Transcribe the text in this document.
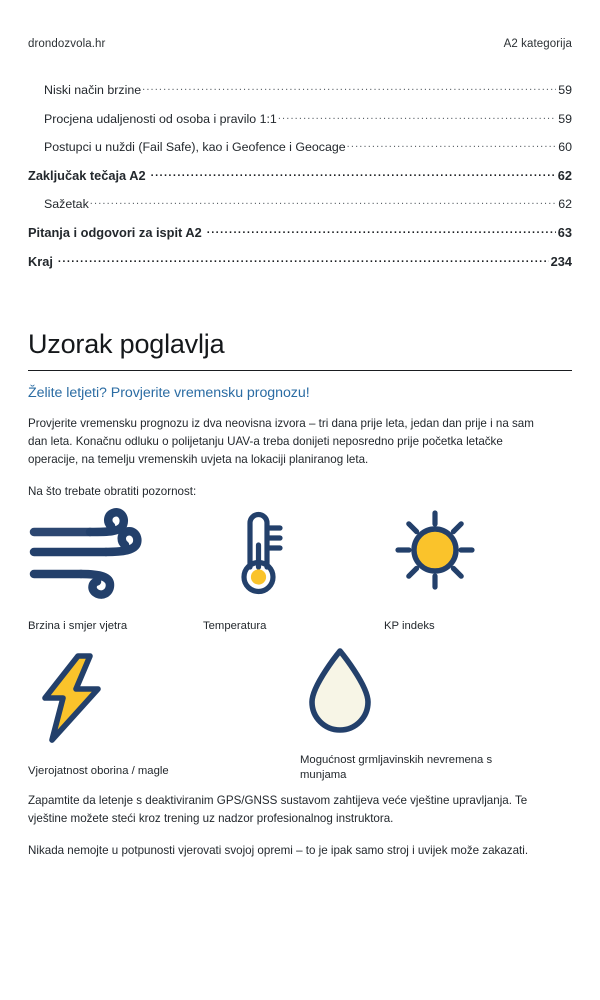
drondozvola.hr	A2 kategorija
Niski način brzine .....	59
Procjena udaljenosti od osoba i pravilo 1:1 .....	59
Postupci u nuždi (Fail Safe), kao i Geofence i Geocage .....	60
Zaključak tečaja A2 .....	62
Sažetak .....	62
Pitanja i odgovori za ispit A2 .....	63
Kraj .....	234
Uzorak poglavlja
Želite letjeti? Provjerite vremensku prognozu!

Provjerite vremensku prognozu iz dva neovisna izvora – tri dana prije leta, jedan dan prije i na sam dan leta. Konačnu odluku o polijetanju UAV-a treba donijeti neposredno prije početka letačke operacije, na temelju vremenskih uvjeta na lokaciji planiranog leta.

Na što trebate obratiti pozornost:

Brzina i smjer vjetra	Temperatura	KP indeks
Vjerojatnost oborina / magle
Mogućnost grmljavinskih nevremena s munjama

Zapamtite da letenje s deaktiviranim GPS/GNSS sustavom zahtijeva veće vještine upravljanja. Te vještine možete steći kroz trening uz nadzor profesionalnog instruktora.

Nikada nemojte u potpunosti vjerovati svojoj opremi – to je ipak samo stroj i uvijek može zakazati.
